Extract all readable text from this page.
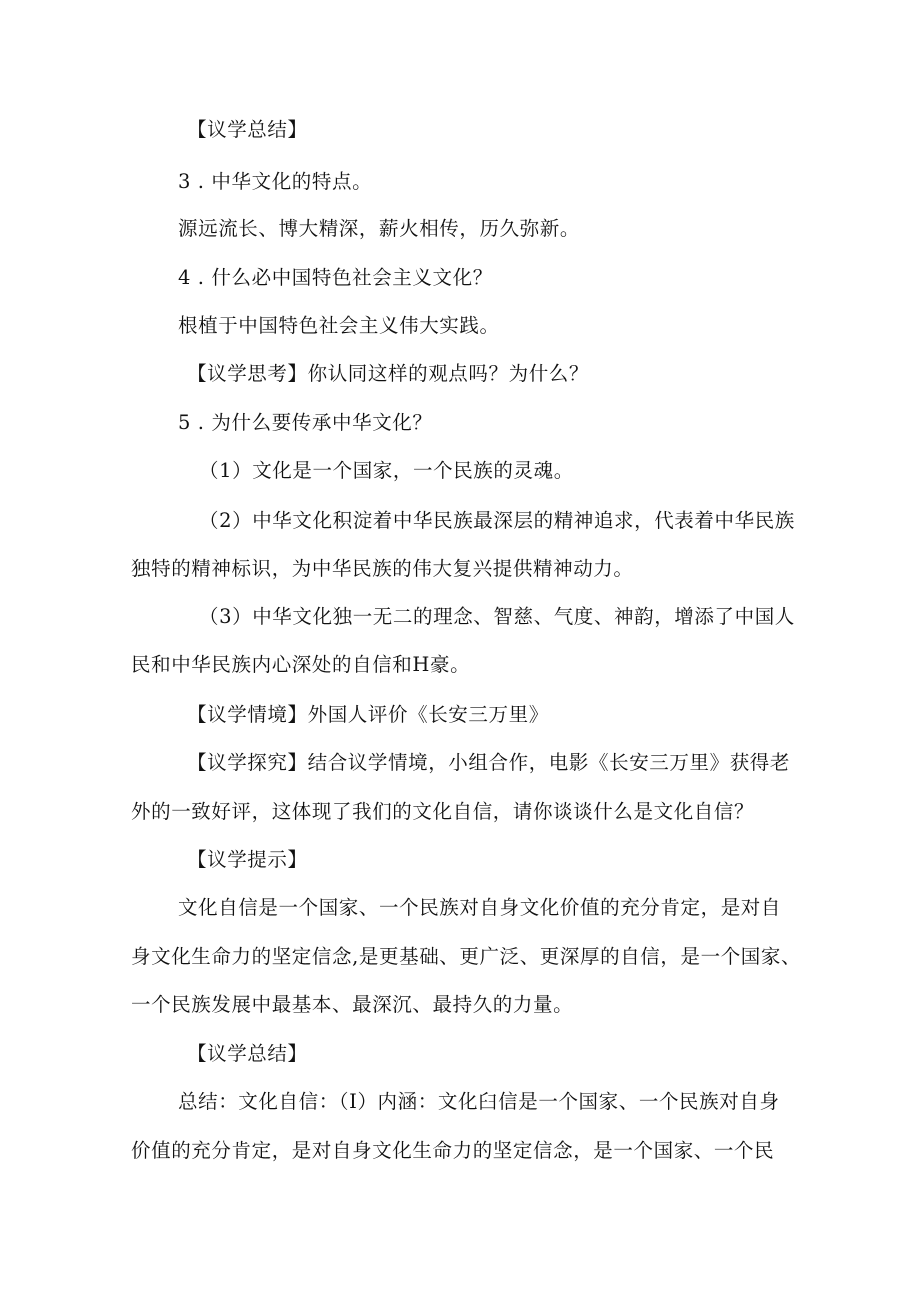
【议学总结】
3 . 中华文化的特点。
源远流长、博大精深，薪火相传，历久弥新。
4 . 什么必中国特色社会主义文化？
根植于中国特色社会主义伟大实践。
【议学思考】你认同这样的观点吗？为什么？
5 . 为什么要传承中华文化？
（1）文化是一个国家，一个民族的灵魂。
（2）中华文化积淀着中华民族最深层的精神追求，代表着中华民族
独特的精神标识，为中华民族的伟大复兴提供精神动力。
（3）中华文化独一无二的理念、智慈、气度、神韵，增添了中国人
民和中华民族内心深处的自信和H豪。
【议学情境】外国人评价《长安三万里》
【议学探究】结合议学情境，小组合作，电影《长安三万里》获得老
外的一致好评，这体现了我们的文化自信，请你谈谈什么是文化自信？
【议学提示】
文化自信是一个国家、一个民族对自身文化价值的充分肯定，是对自
身文化生命力的坚定信念,是更基础、更广泛、更深厚的自信，是一个国家、
一个民族发展中最基本、最深沉、最持久的力量。
【议学总结】
总结：文化自信：（I）内涵：文化臼信是一个国家、一个民族对自身
价值的充分肯定，是对自身文化生命力的坚定信念，是一个国家、一个民
